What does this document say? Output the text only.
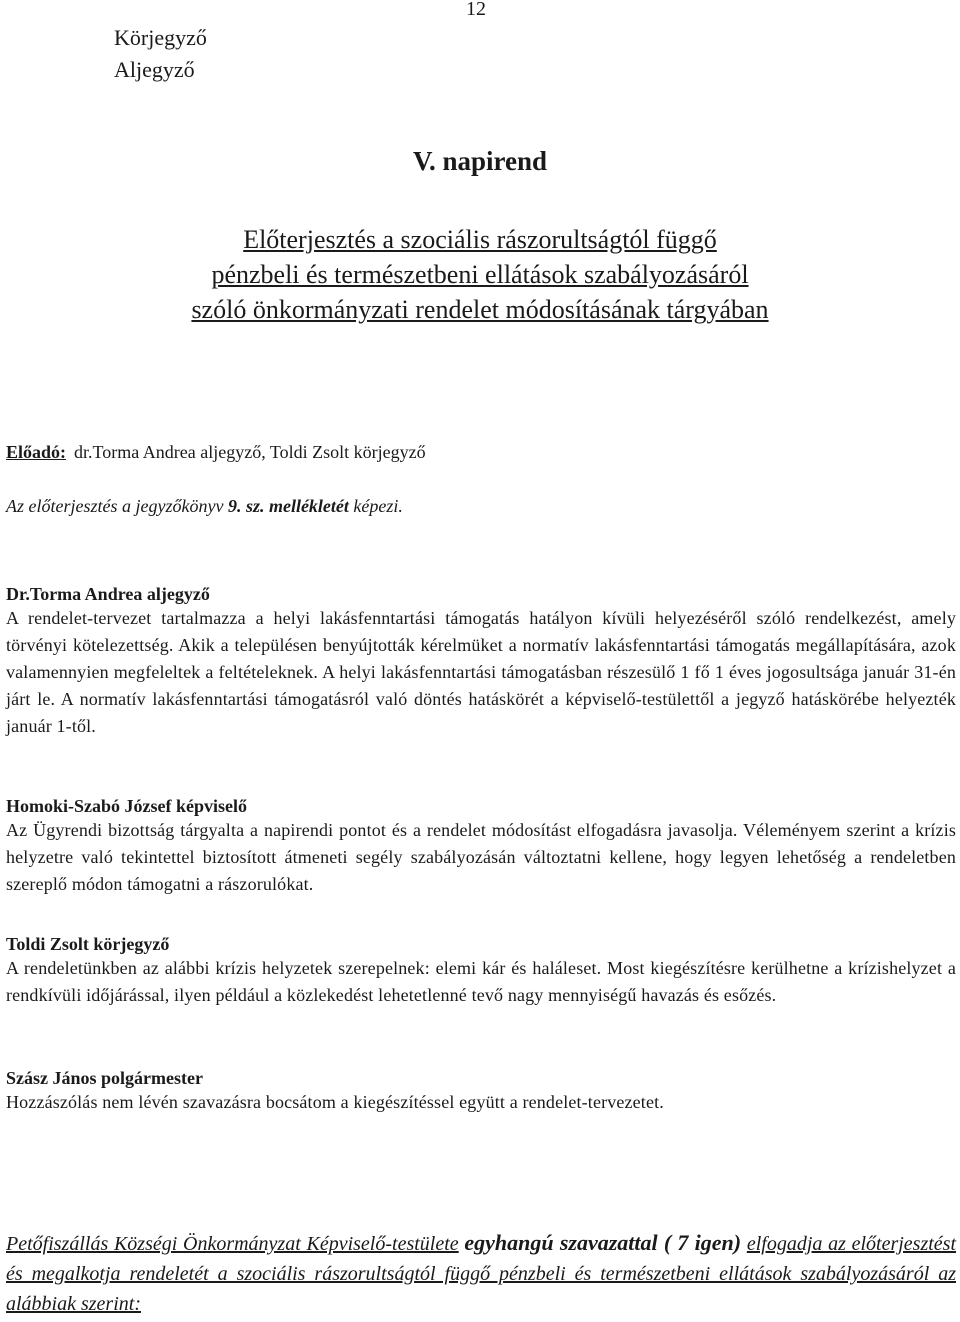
12
Körjegyző
Aljegyző
V. napirend
Előterjesztés a szociális rászorultságtól függő
pénzbeli és természetbeni ellátások szabályozásáról
szóló önkormányzati rendelet módosításának tárgyában
Előadó: dr.Torma Andrea aljegyző, Toldi Zsolt körjegyző
Az előterjesztés a jegyzőkönyv 9. sz. mellékletét képezi.
Dr.Torma Andrea aljegyző
A rendelet-tervezet tartalmazza a helyi lakásfenntartási támogatás hatályon kívüli helyezéséről szóló rendelkezést, amely törvényi kötelezettség. Akik a településen benyújtották kérelmüket a normatív lakásfenntartási támogatás megállapítására, azok valamennyien megfeleltek a feltételeknek. A helyi lakásfenntartási támogatásban részesülő 1 fő 1 éves jogosultsága január 31-én járt le. A normatív lakásfenntartási támogatásról való döntés hatáskörét a képviselő-testülettől a jegyző hatáskörébe helyezték január 1-től.
Homoki-Szabó József képviselő
Az Ügyrendi bizottság tárgyalta a napirendi pontot és a rendelet módosítást elfogadásra javasolja. Véleményem szerint a krízis helyzetre való tekintettel biztosított átmeneti segély szabályozásán változtatni kellene, hogy legyen lehetőség a rendeletben szereplő módon támogatni a rászorulókat.
Toldi Zsolt körjegyző
A rendeletünkben az alábbi krízis helyzetek szerepelnek: elemi kár és haláleset. Most kiegészítésre kerülhetne a krízishelyzet a rendkívüli időjárással, ilyen például a közlekedést lehetetlenné tevő nagy mennyiségű havazás és esőzés.
Szász János polgármester
Hozzászólás nem lévén szavazásra bocsátom a kiegészítéssel együtt a rendelet-tervezetet.
Petőfiszállás Községi Önkormányzat Képviselő-testülete egyhangú szavazattal ( 7 igen) elfogadja az előterjesztést és megalkotja rendeletét a szociális rászorultságtól függő pénzbeli és természetbeni ellátások szabályozásáról az alábbiak szerint:
